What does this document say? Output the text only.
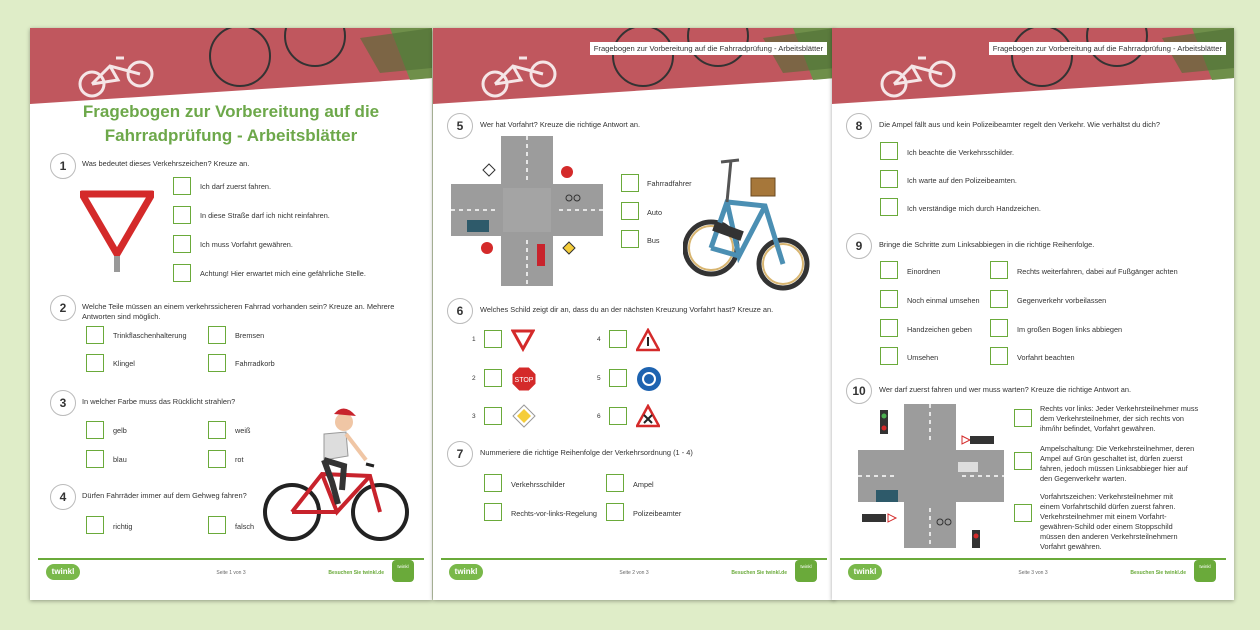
Fragebogen zur Vorbereitung auf die
Fahrradprüfung - Arbeitsblätter
1	Was bedeutet dieses Verkehrszeichen? Kreuze an.
Ich darf zuerst fahren.
In diese Straße darf ich nicht reinfahren.
Ich muss Vorfahrt gewähren.
Achtung! Hier erwartet mich eine gefährliche Stelle.
2	Welche Teile müssen an einem verkehrssicheren Fahrrad vorhanden sein? Kreuze an. Mehrere
Antworten sind möglich.
Trinkflaschenhalterung	Bremsen
Klingel	Fahrradkorb
3	In welcher Farbe muss das Rücklicht strahlen?
gelb	weiß
blau	rot
4	Dürfen Fahrräder immer auf dem Gehweg fahren?
richtig	falsch
twinkl	Seite 1 von 3	Besuchen Sie twinkl.de
twinkl
Fragebogen zur Vorbereitung auf die Fahrradprüfung - Arbeitsblätter
5	Wer hat Vorfahrt? Kreuze die richtige Antwort an.
Fahrradfahrer
Auto
Bus
6	Welches Schild zeigt dir an, dass du an der nächsten Kreuzung Vorfahrt hast? Kreuze an.
1
2	STOP
3
4
5
6
7	Nummeriere die richtige Reihenfolge der Verkehrsordnung (1 - 4)
Verkehrsschilder	Ampel
Rechts-vor-links-Regelung	Polizeibeamter
twinkl	Seite 2 von 3	Besuchen Sie twinkl.de
twinkl
Fragebogen zur Vorbereitung auf die Fahrradprüfung - Arbeitsblätter
8	Die Ampel fällt aus und kein Polizeibeamter regelt den Verkehr. Wie verhältst du dich?
Ich beachte die Verkehrsschilder.
Ich warte auf den Polizeibeamten.
Ich verständige mich durch Handzeichen.
9	Bringe die Schritte zum Linksabbiegen in die richtige Reihenfolge.
Einordnen	Rechts weiterfahren, dabei auf Fußgänger achten
Noch einmal umsehen	Gegenverkehr vorbeilassen
Handzeichen geben	Im großen Bogen links abbiegen
Umsehen	Vorfahrt beachten
10	Wer darf zuerst fahren und wer muss warten? Kreuze die richtige Antwort an.
Rechts vor links: Jeder Verkehrsteilnehmer muss
dem Verkehrsteilnehmer, der sich rechts von
ihm/ihr befindet, Vorfahrt gewähren.
Ampelschaltung: Die Verkehrsteilnehmer, deren
Ampel auf Grün geschaltet ist, dürfen zuerst
fahren, jedoch müssen Linksabbieger hier auf
den Gegenverkehr warten.
Vorfahrtszeichen: Verkehrsteilnehmer mit
einem Vorfahrtschild dürfen zuerst fahren.
Verkehrsteilnehmer mit einem Vorfahrt-
gewähren-Schild oder einem Stoppschild
müssen den anderen Verkehrsteilnehmern
Vorfahrt gewähren.
twinkl	Seite 3 von 3	Besuchen Sie twinkl.de
twinkl
